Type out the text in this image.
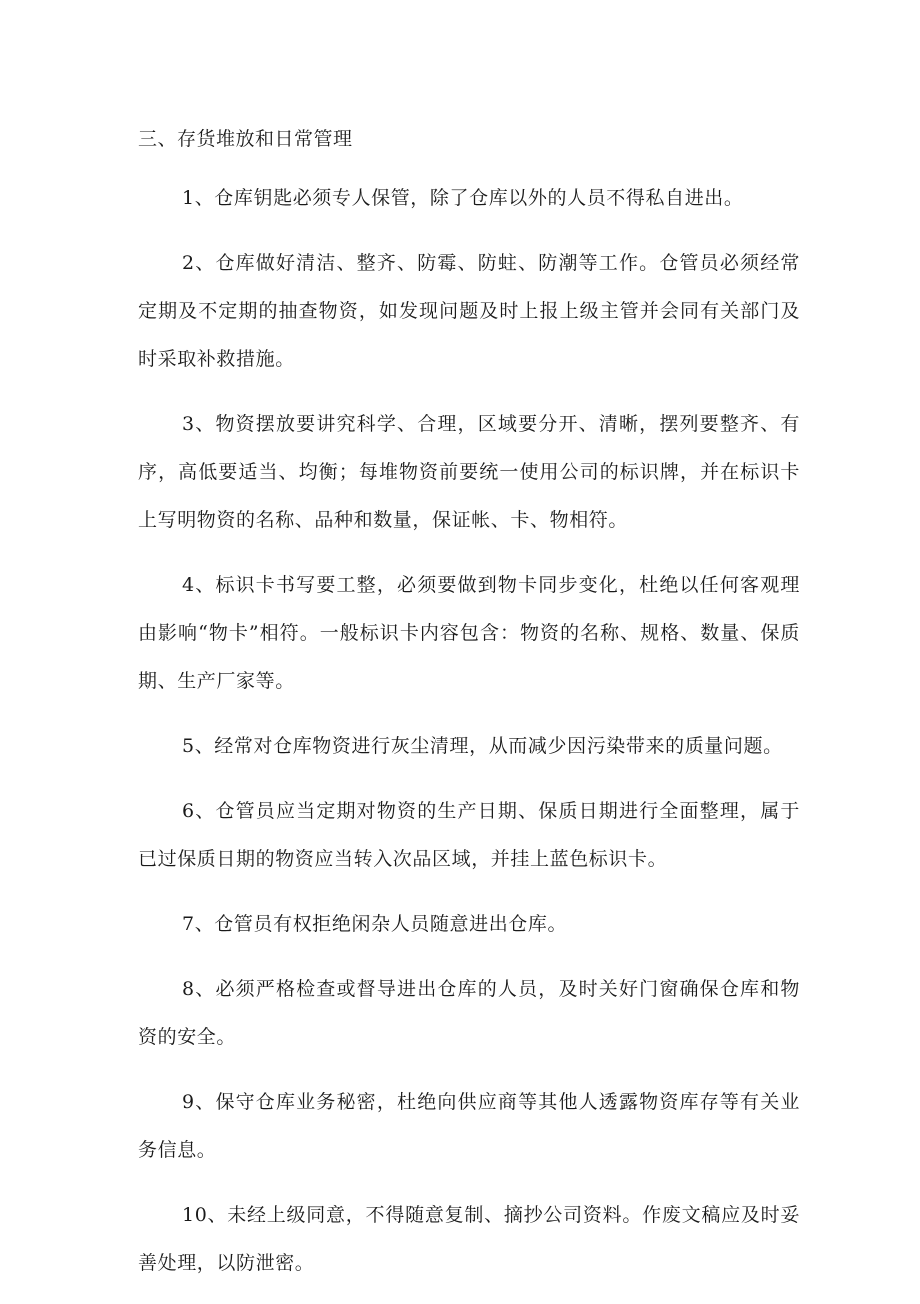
三、存货堆放和日常管理

1、仓库钥匙必须专人保管，除了仓库以外的人员不得私自进出。

2、仓库做好清洁、整齐、防霉、防蛀、防潮等工作。仓管员必须经常定期及不定期的抽查物资，如发现问题及时上报上级主管并会同有关部门及时采取补救措施。

3、物资摆放要讲究科学、合理，区域要分开、清晰，摆列要整齐、有序，高低要适当、均衡；每堆物资前要统一使用公司的标识牌，并在标识卡上写明物资的名称、品种和数量，保证帐、卡、物相符。

4、标识卡书写要工整，必须要做到物卡同步变化，杜绝以任何客观理由影响“物卡”相符。一般标识卡内容包含：物资的名称、规格、数量、保质期、生产厂家等。

5、经常对仓库物资进行灰尘清理，从而减少因污染带来的质量问题。

6、仓管员应当定期对物资的生产日期、保质日期进行全面整理，属于已过保质日期的物资应当转入次品区域，并挂上蓝色标识卡。

7、仓管员有权拒绝闲杂人员随意进出仓库。

8、必须严格检查或督导进出仓库的人员，及时关好门窗确保仓库和物资的安全。

9、保守仓库业务秘密，杜绝向供应商等其他人透露物资库存等有关业务信息。

10、未经上级同意，不得随意复制、摘抄公司资料。作废文稿应及时妥善处理，以防泄密。
